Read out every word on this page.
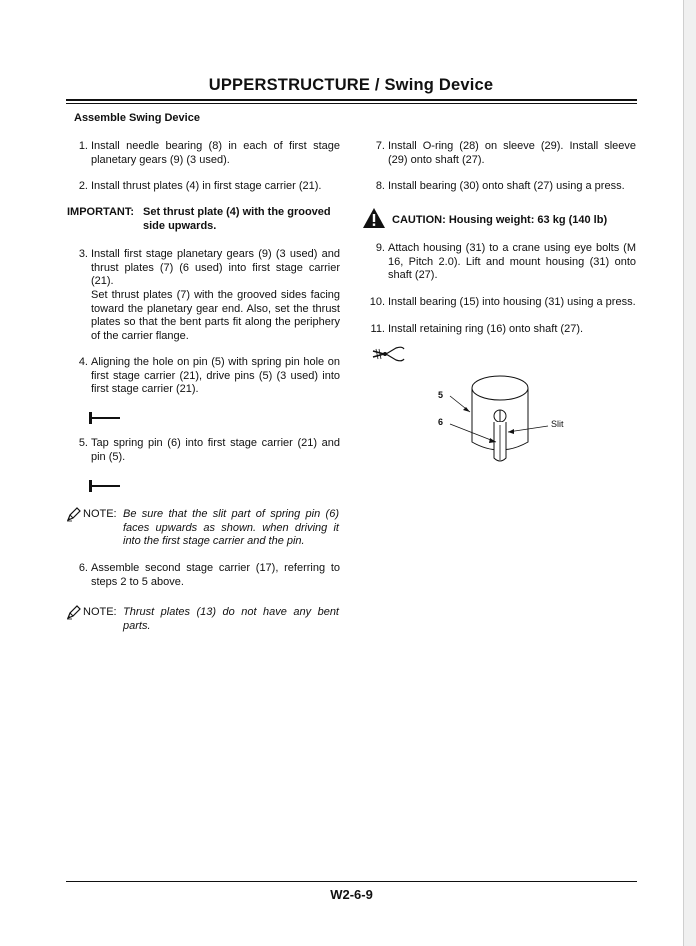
UPPERSTRUCTURE / Swing Device
Assemble Swing Device
1. Install needle bearing (8) in each of first stage planetary gears (9) (3 used).
2. Install thrust plates (4) in first stage carrier (21).
IMPORTANT: Set thrust plate (4) with the grooved side upwards.
3. Install first stage planetary gears (9) (3 used) and thrust plates (7) (6 used) into first stage carrier (21).
Set thrust plates (7) with the grooved sides facing toward the planetary gear end. Also, set the thrust plates so that the bent parts fit along the periphery of the carrier flange.
4. Aligning the hole on pin (5) with spring pin hole on first stage carrier (21), drive pins (5) (3 used) into first stage carrier (21).
5. Tap spring pin (6) into first stage carrier (21) and pin (5).
NOTE: Be sure that the slit part of spring pin (6) faces upwards as shown. when driving it into the first stage carrier and the pin.
6. Assemble second stage carrier (17), referring to steps 2 to 5 above.
NOTE: Thrust plates (13) do not have any bent parts.
7. Install O-ring (28) on sleeve (29). Install sleeve (29) onto shaft (27).
8. Install bearing (30) onto shaft (27) using a press.
CAUTION: Housing weight: 63 kg (140 lb)
9. Attach housing (31) to a crane using eye bolts (M 16, Pitch 2.0). Lift and mount housing (31) onto shaft (27).
10. Install bearing (15) into housing (31) using a press.
11. Install retaining ring (16) onto shaft (27).
5
6	Slit
W2-6-9
